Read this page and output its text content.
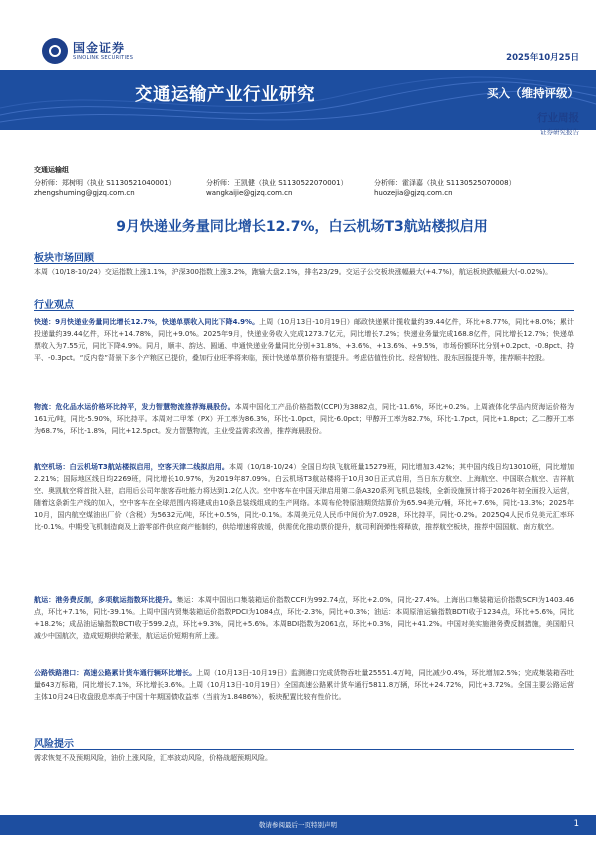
国金证券
SINOLINK SECURITIES	2025年10月25日
交通运输产业行业研究	买入（维持评级）
行业周报
证券研究报告
交通运输组
分析师：郑树明（执业 S1130521040001）	分析师：王凯健（执业 S1130522070001）	分析师：霍泽嘉（执业 S1130525070008）
zhengshuming@gjzq.com.cn	wangkaijie@gjzq.com.cn	huozejia@gjzq.com.cn
9月快递业务量同比增长12.7%，白云机场T3航站楼拟启用
板块市场回顾
本周（10/18-10/24）交运指数上涨1.1%，沪深300指数上涨3.2%，跑输大盘2.1%，排名23/29。交运子公交板块涨幅最大(+4.7%)，航运板块跌幅最大(-0.02%)。
行业观点
快递：9月快递业务量同比增长12.7%，快递单票收入同比下降4.9%。上周（10月13日-10月19日）邮政快递累计揽收量约39.44亿件，环比+8.77%，同比+8.0%；累计投递量约39.44亿件，环比+14.78%，同比+9.0%。2025年9月，快递业务收入完成1273.7亿元，同比增长7.2%；快递业务量完成168.8亿件，同比增长12.7%；快递单票收入为7.55元，同比下降4.9%。同月，顺丰、韵达、圆通、申通快递业务量同比分别+31.8%、+3.6%、+13.6%、+9.5%，市场份额环比分别+0.2pct、-0.8pct、持平、-0.3pct。“反内卷”背景下多个产粮区已提价，叠加行业旺季将来临，预计快递单票价格有望提升。考虑估值性价比、经营韧性、股东回报提升等，推荐顺丰控股。
物流：危化品水运价格环比持平，发力智慧物流推荐海晨股份。本周中国化工产品价格指数(CCPI)为3882点，同比-11.6%，环比+0.2%。上周液体化学品内贸海运价格为161元/吨，同比-5.90%，环比持平。本周对二甲苯（PX）开工率为86.3%，环比-1.0pct，同比-6.0pct；甲醇开工率为82.7%，环比-1.7pct，同比+1.8pct；乙二醇开工率为68.7%，环比-1.8%，同比+12.5pct。发力智慧物流，主业受益需求改善，推荐海晨股份。
航空机场：白云机场T3航站楼拟启用，空客天津二线拟启用。本周（10/18-10/24）全国日均执飞航班量15279班，同比增加3.42%；其中国内线日均13010班，同比增加2.21%；国际地区线日均2269班，同比增长10.97%，为2019年87.09%。白云机场T3航站楼将于10月30日正式启用，当日东方航空、上海航空、中国联合航空、吉祥航空、奥凯航空将首批入驻，启用后公司年旅客吞吐能力将达到1.2亿人次。空中客车在中国天津启用第二条A320系列飞机总装线，全新设施预计将于2026年初全面投入运营，随着这条新生产线的加入，空中客车在全球范围内将建成由10条总装线组成的生产网络。本周布伦特原油期货结算价为65.94美元/桶，环比+7.6%，同比-13.3%；2025年10月，国内航空煤油出厂价（含税）为5632元/吨，环比+0.5%，同比-0.1%。本周美元兑人民币中间价为7.0928，环比持平，同比-0.2%。2025Q4人民币兑美元汇率环比-0.1%。中期受飞机制造商及上游零部件供应商产能制约，供给增速将放缓，供需优化推动票价提升，航司利润弹性将释放，推荐航空板块，推荐中国国航、南方航空。
航运：港务费反制，多项航运指数环比提升。集运：本周中国出口集装箱运价指数CCFI为992.74点，环比+2.0%，同比-27.4%。上海出口集装箱运价指数SCFI为1403.46点，环比+7.1%，同比-39.1%。上周中国内贸集装箱运价指数PDCI为1084点，环比-2.3%，同比+0.3%；油运：本周原油运输指数BDTI收于1234点，环比+5.6%，同比+18.2%；成品油运输指数BCTI收于599.2点，环比+9.3%，同比+5.6%。本周BDI指数为2061点，环比+0.3%，同比+41.2%。中国对美实施港务费反制措施，美国船只减少中国航次，造成短期供给紧张，航运运价短期有所上涨。
公路铁路港口：高速公路累计货车通行辆环比增长。上周（10月13日-10月19日）监测港口完成货物吞吐量25551.4万吨，同比减少0.4%，环比增加2.5%；完成集装箱吞吐量643万标箱，同比增长7.1%，环比增长3.6%。上周（10月13日-10月19日）全国高速公路累计货车通行5811.8万辆，环比+24.72%，同比+3.72%。全国主要公路运营主体10月24日收盘股息率高于中国十年期国债收益率（当前为1.8486%），板块配置比较有性价比。
风险提示
需求恢复不及预期风险，油价上涨风险，汇率波动风险，价格战超预期风险。
敬请参阅最后一页特别声明	1
